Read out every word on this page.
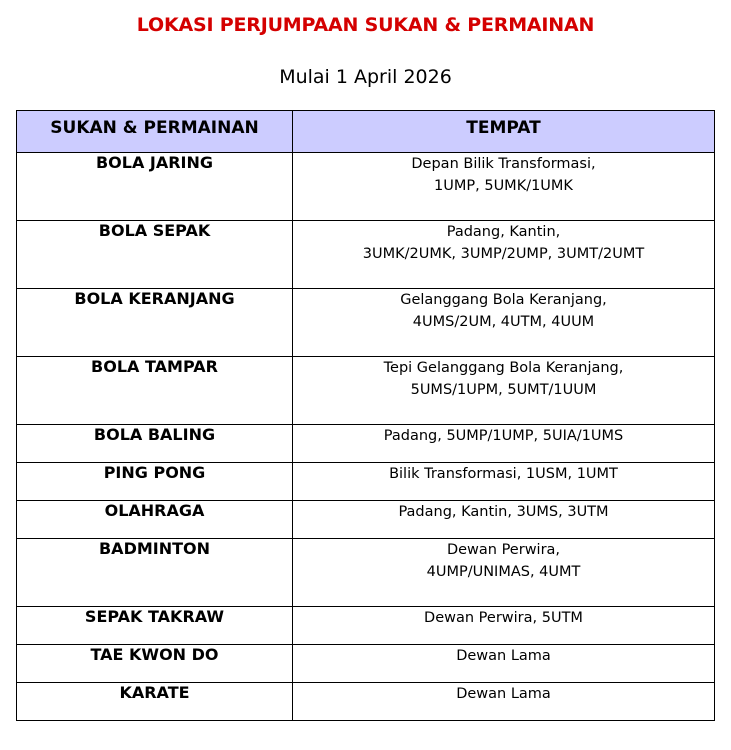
LOKASI PERJUMPAAN SUKAN & PERMAINAN
Mulai 1 April 2026
SUKAN & PERMAINAN	TEMPAT
BOLA JARING	Depan Bilik Transformasi,
1UMP, 5UMK/1UMK

BOLA SEPAK	Padang, Kantin,
3UMK/2UMK, 3UMP/2UMP, 3UMT/2UMT

BOLA KERANJANG	Gelanggang Bola Keranjang,
4UMS/2UM, 4UTM, 4UUM

BOLA TAMPAR	Tepi Gelanggang Bola Keranjang,
5UMS/1UPM, 5UMT/1UUM

BOLA BALING	Padang, 5UMP/1UMP, 5UIA/1UMS

PING PONG	Bilik Transformasi, 1USM, 1UMT

OLAHRAGA	Padang, Kantin, 3UMS, 3UTM

BADMINTON	Dewan Perwira,
4UMP/UNIMAS, 4UMT

SEPAK TAKRAW	Dewan Perwira, 5UTM

TAE KWON DO	Dewan Lama

KARATE	Dewan Lama
